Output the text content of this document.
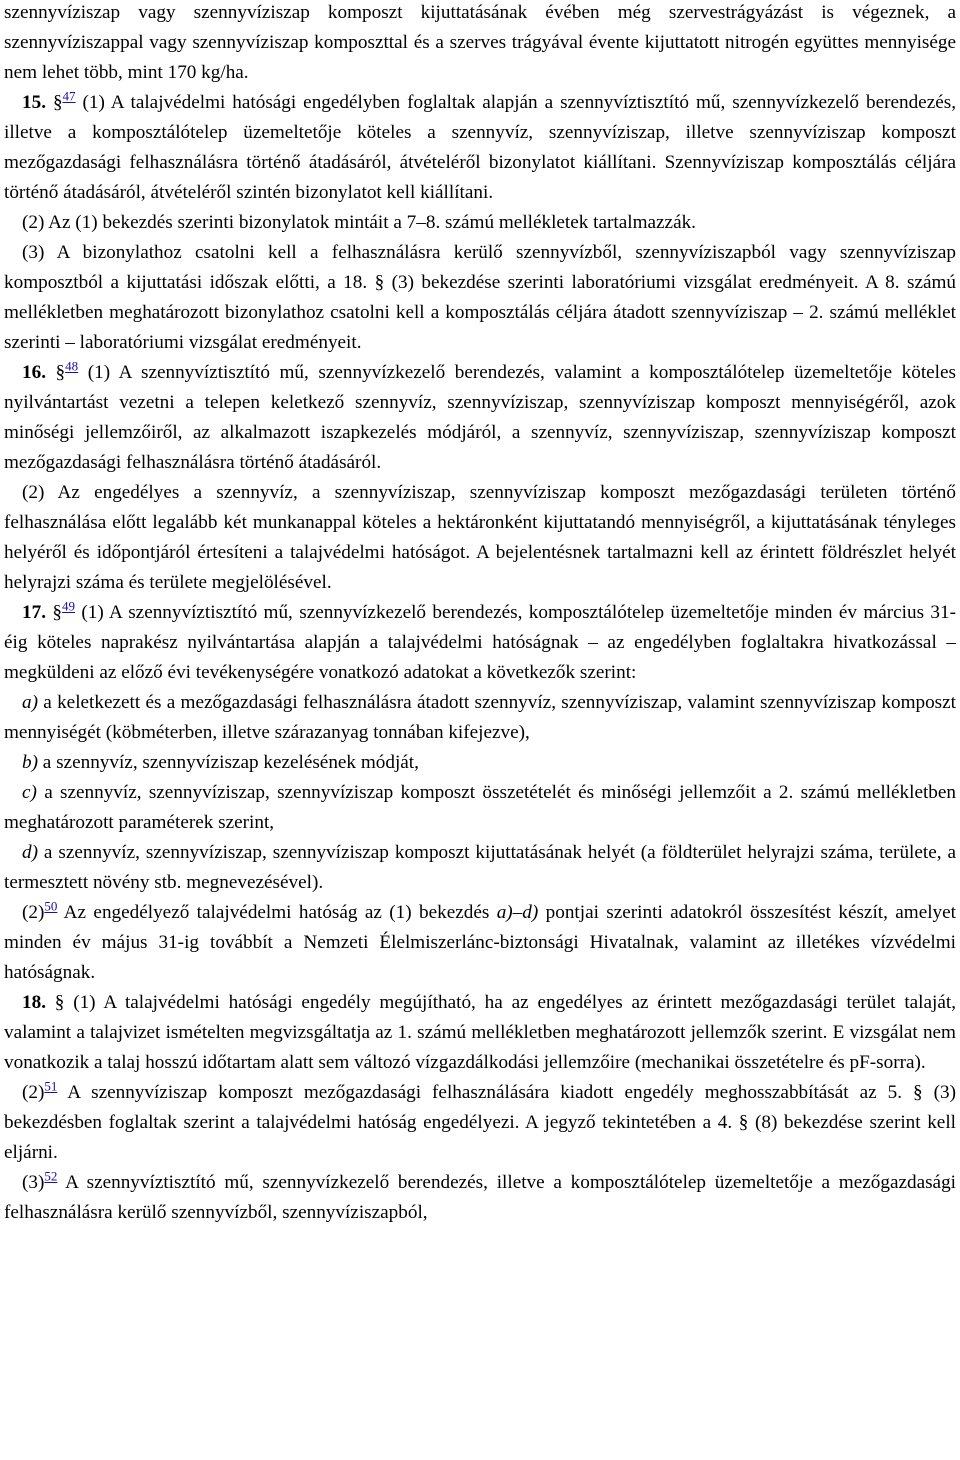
szennyvíziszap vagy szennyvíziszap komposzt kijuttatásának évében még szervestrágyázást is végeznek, a szennyvíziszappal vagy szennyvíziszap komposzttal és a szerves trágyával évente kijuttatott nitrogén együttes mennyisége nem lehet több, mint 170 kg/ha.

15. §$^{47}$ (1) A talajvédelmi hatósági engedélyben foglaltak alapján a szennyvíztisztító mű, szennyvízkezelő berendezés, illetve a komposztálótelep üzemeltetője köteles a szennyvíz, szennyvíziszap, illetve szennyvíziszap komposzt mezőgazdasági felhasználásra történő átadásáról, átvételéről bizonylatot kiállítani. Szennyvíziszap komposztálás céljára történő átadásáról, átvételéről szintén bizonylatot kell kiállítani.

(2) Az (1) bekezdés szerinti bizonylatok mintáit a 7–8. számú mellékletek tartalmazzák.

(3) A bizonylathoz csatolni kell a felhasználásra kerülő szennyvízből, szennyvíziszapból vagy szennyvíziszap komposztból a kijuttatási időszak előtti, a 18. § (3) bekezdése szerinti laboratóriumi vizsgálat eredményeit. A 8. számú mellékletben meghatározott bizonylathoz csatolni kell a komposztálás céljára átadott szennyvíziszap – 2. számú melléklet szerinti – laboratóriumi vizsgálat eredményeit.

16. §$^{48}$ (1) A szennyvíztisztító mű, szennyvízkezelő berendezés, valamint a komposztálótelep üzemeltetője köteles nyilvántartást vezetni a telepen keletkező szennyvíz, szennyvíziszap, szennyvíziszap komposzt mennyiségéről, azok minőségi jellemzőiről, az alkalmazott iszapkezelés módjáról, a szennyvíz, szennyvíziszap, szennyvíziszap komposzt mezőgazdasági felhasználásra történő átadásáról.

(2) Az engedélyes a szennyvíz, a szennyvíziszap, szennyvíziszap komposzt mezőgazdasági területen történő felhasználása előtt legalább két munkanappal köteles a hektáronként kijuttatandó mennyiségről, a kijuttatásának tényleges helyéről és időpontjáról értesíteni a talajvédelmi hatóságot. A bejelentésnek tartalmazni kell az érintett földrészlet helyét helyrajzi száma és területe megjelölésével.

17. §$^{49}$ (1) A szennyvíztisztító mű, szennyvízkezelő berendezés, komposztálótelep üzemeltetője minden év március 31-éig köteles naprakész nyilvántartása alapján a talajvédelmi hatóságnak – az engedélyben foglaltakra hivatkozással – megküldeni az előző évi tevékenységére vonatkozó adatokat a következők szerint:

a) a keletkezett és a mezőgazdasági felhasználásra átadott szennyvíz, szennyvíziszap, valamint szennyvíziszap komposzt mennyiségét (köbméterben, illetve szárazanyag tonnában kifejezve),

b) a szennyvíz, szennyvíziszap kezelésének módját,

c) a szennyvíz, szennyvíziszap, szennyvíziszap komposzt összetételét és minőségi jellemzőit a 2. számú mellékletben meghatározott paraméterek szerint,

d) a szennyvíz, szennyvíziszap, szennyvíziszap komposzt kijuttatásának helyét (a földterület helyrajzi száma, területe, a termesztett növény stb. megnevezésével).

(2)$^{50}$ Az engedélyező talajvédelmi hatóság az (1) bekezdés a)–d) pontjai szerinti adatokról összesítést készít, amelyet minden év május 31-ig továbbít a Nemzeti Élelmiszerlánc-biztonsági Hivatalnak, valamint az illetékes vízvédelmi hatóságnak.

18. § (1) A talajvédelmi hatósági engedély megújítható, ha az engedélyes az érintett mezőgazdasági terület talaját, valamint a talajvizet ismételten megvizsgáltatja az 1. számú mellékletben meghatározott jellemzők szerint. E vizsgálat nem vonatkozik a talaj hosszú időtartam alatt sem változó vízgazdálkodási jellemzőire (mechanikai összetételre és pF-sorra).

(2)$^{51}$ A szennyvíziszap komposzt mezőgazdasági felhasználására kiadott engedély meghosszabbítását az 5. § (3) bekezdésben foglaltak szerint a talajvédelmi hatóság engedélyezi. A jegyző tekintetében a 4. § (8) bekezdése szerint kell eljárni.

(3)$^{52}$ A szennyvíztisztító mű, szennyvízkezelő berendezés, illetve a komposztálótelep üzemeltetője a mezőgazdasági felhasználásra kerülő szennyvízből, szennyvíziszapból,
